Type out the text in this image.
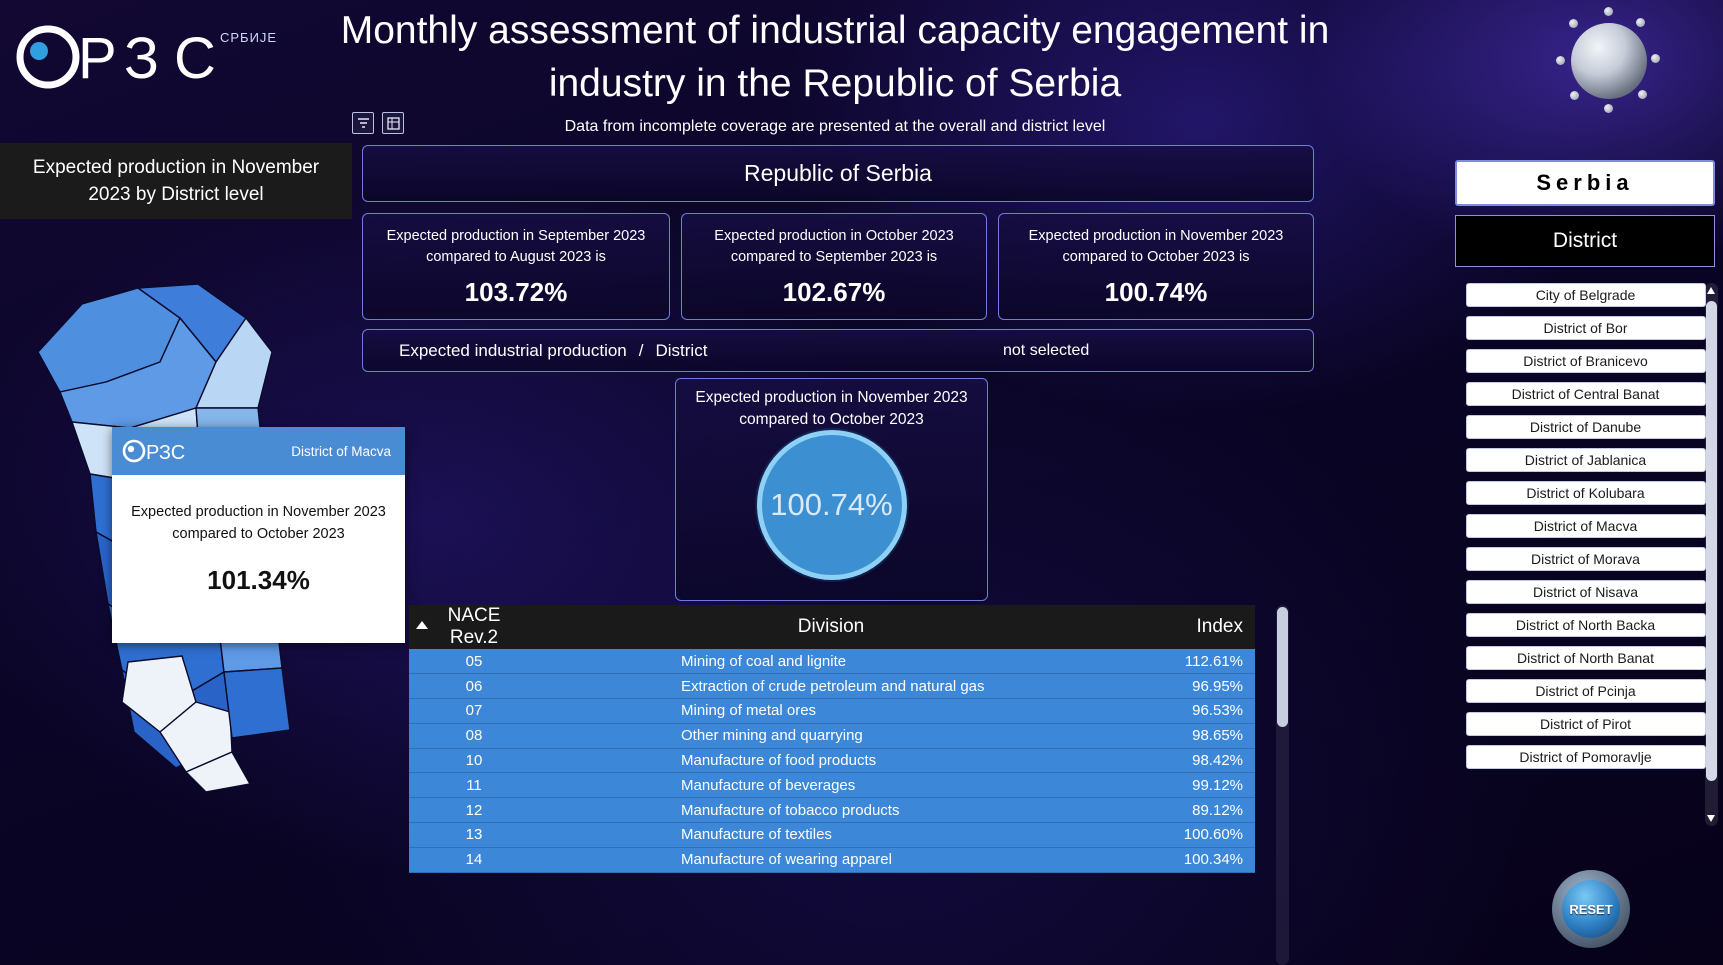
Р З С СРБИЈЕ	Monthly assessment of industrial capacity engagement in industry in the Republic of Serbia
Data from incomplete coverage are presented at the overall and district level
Expected production in November 2023 by District level
РЗС	District of Macva
Expected production in November 2023 compared to October 2023
101.34%
Republic of Serbia
Expected production in September 2023 compared to August 2023 is
103.72%
Expected production in October 2023 compared to September 2023 is
102.67%
Expected production in November 2023 compared to October 2023 is
100.74%
Expected industrial production / District	not selected
Expected production in November 2023 compared to October 2023
100.74%
NACE Rev.2	Division	Index
05	Mining of coal and lignite	112.61%
06	Extraction of crude petroleum and natural gas	96.95%
07	Mining of metal ores	96.53%
08	Other mining and quarrying	98.65%
10	Manufacture of food products	98.42%
11	Manufacture of beverages	99.12%
12	Manufacture of tobacco products	89.12%
13	Manufacture of textiles	100.60%
14	Manufacture of wearing apparel	100.34%
Serbia
District
City of Belgrade
District of Bor
District of Branicevo
District of Central Banat
District of Danube
District of Jablanica
District of Kolubara
District of Macva
District of Morava
District of Nisava
District of North Backa
District of North Banat
District of Pcinja
District of Pirot
District of Pomoravlje
RESET
